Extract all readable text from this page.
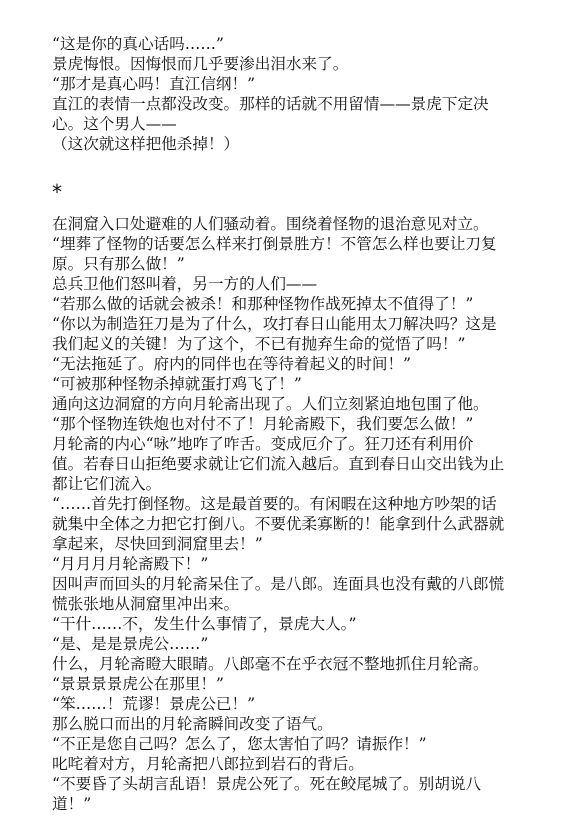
“这是你的真心话吗……”
景虎悔恨。因悔恨而几乎要渗出泪水来了。
“那才是真心吗！直江信纲！”
直江的表情一点都没改变。那样的话就不用留情——景虎下定决
心。这个男人——
（这次就这样把他杀掉！）
*
在洞窟入口处避难的人们骚动着。围绕着怪物的退治意见对立。
“埋葬了怪物的话要怎么样来打倒景胜方！不管怎么样也要让刀复
原。只有那么做！”
总兵卫他们怒叫着，另一方的人们——
“若那么做的话就会被杀！和那种怪物作战死掉太不值得了！”
“你以为制造狂刀是为了什么，攻打春日山能用太刀解决吗？这是
我们起义的关键！为了这个，不已有抛弃生命的觉悟了吗！”
“无法拖延了。府内的同伴也在等待着起义的时间！”
“可被那种怪物杀掉就蛋打鸡飞了！”
通向这边洞窟的方向月轮斋出现了。人们立刻紧迫地包围了他。
“那个怪物连铁炮也对付不了！月轮斋殿下，我们要怎么做！”
月轮斋的内心“咏”地咋了咋舌。变成厄介了。狂刀还有利用价
值。若春日山拒绝要求就让它们流入越后。直到春日山交出钱为止
都让它们流入。
“……首先打倒怪物。这是最首要的。有闲暇在这种地方吵架的话
就集中全体之力把它打倒八。不要优柔寡断的！能拿到什么武器就
拿起来，尽快回到洞窟里去！”
“月月月月轮斋殿下！”
因叫声而回头的月轮斋呆住了。是八郎。连面具也没有戴的八郎慌
慌张张地从洞窟里冲出来。
“干什……不，发生什么事情了，景虎大人。”
“是、是是景虎公……”
什么，月轮斋瞪大眼睛。八郎毫不在乎衣冠不整地抓住月轮斋。
“景景景景虎公在那里！”
“笨……！荒谬！景虎公已！”
那么脱口而出的月轮斋瞬间改变了语气。
“不正是您自己吗？怎么了，您太害怕了吗？请振作！”
叱咤着对方，月轮斋把八郎拉到岩石的背后。
“不要昏了头胡言乱语！景虎公死了。死在鲛尾城了。别胡说八
道！”
